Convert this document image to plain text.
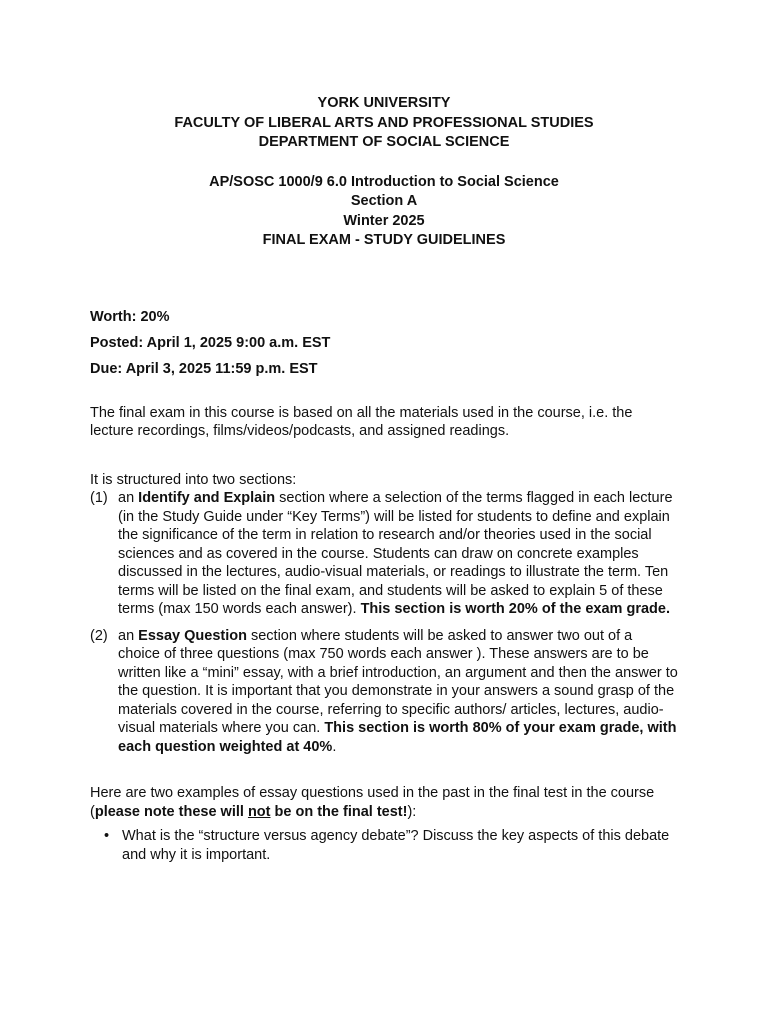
YORK UNIVERSITY
FACULTY OF LIBERAL ARTS AND PROFESSIONAL STUDIES
DEPARTMENT OF SOCIAL SCIENCE
AP/SOSC 1000/9 6.0 Introduction to Social Science
Section A
Winter 2025
FINAL EXAM - STUDY GUIDELINES
Worth: 20%
Posted: April 1, 2025 9:00 a.m. EST
Due: April 3, 2025 11:59 p.m. EST

The final exam in this course is based on all the materials used in the course, i.e. the lecture recordings, films/videos/podcasts, and assigned readings.

It is structured into two sections:

(1) an Identify and Explain section where a selection of the terms flagged in each lecture (in the Study Guide under “Key Terms”) will be listed for students to define and explain the significance of the term in relation to research and/or theories used in the social sciences and as covered in the course. Students can draw on concrete examples discussed in the lectures, audio-visual materials, or readings to illustrate the term. Ten terms will be listed on the final exam, and students will be asked to explain 5 of these terms (max 150 words each answer). This section is worth 20% of the exam grade.
(2) an Essay Question section where students will be asked to answer two out of a choice of three questions (max 750 words each answer ). These answers are to be written like a “mini” essay, with a brief introduction, an argument and then the answer to the question. It is important that you demonstrate in your answers a sound grasp of the materials covered in the course, referring to specific authors/ articles, lectures, audio-visual materials where you can. This section is worth 80% of your exam grade, with each question weighted at 40%.

Here are two examples of essay questions used in the past in the final test in the course (please note these will not be on the final test!):

• What is the “structure versus agency debate”? Discuss the key aspects of this debate and why it is important.
